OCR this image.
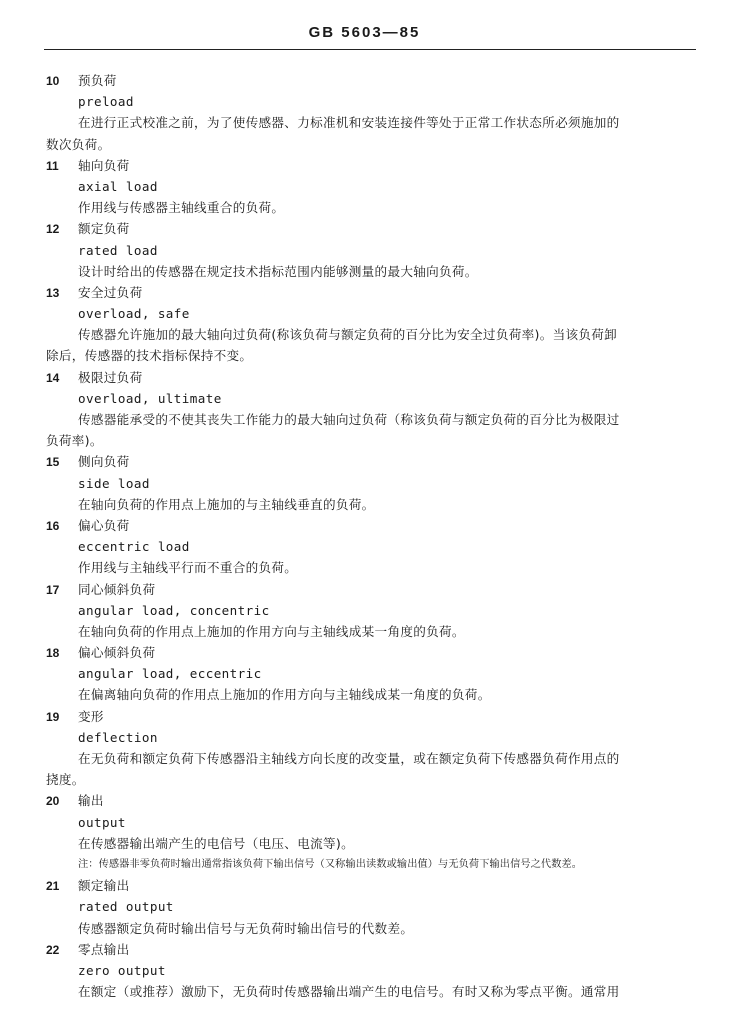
GB 5603—85
10 预负荷
preload
在进行正式校准之前，为了使传感器、力标准机和安装连接件等处于正常工作状态所必须施加的
数次负荷。
11 轴向负荷
axial load
作用线与传感器主轴线重合的负荷。
12 额定负荷
rated load
设计时给出的传感器在规定技术指标范围内能够测量的最大轴向负荷。
13 安全过负荷
overload, safe
传感器允许施加的最大轴向过负荷(称该负荷与额定负荷的百分比为安全过负荷率)。当该负荷卸
除后，传感器的技术指标保持不变。
14 极限过负荷
overload, ultimate
传感器能承受的不使其丧失工作能力的最大轴向过负荷（称该负荷与额定负荷的百分比为极限过
负荷率)。
15 侧向负荷
side load
在轴向负荷的作用点上施加的与主轴线垂直的负荷。
16 偏心负荷
eccentric load
作用线与主轴线平行而不重合的负荷。
17 同心倾斜负荷
angular load, concentric
在轴向负荷的作用点上施加的作用方向与主轴线成某一角度的负荷。
18 偏心倾斜负荷
angular load, eccentric
在偏离轴向负荷的作用点上施加的作用方向与主轴线成某一角度的负荷。
19 变形
deflection
在无负荷和额定负荷下传感器沿主轴线方向长度的改变量，或在额定负荷下传感器负荷作用点的
挠度。
20 输出
output
在传感器输出端产生的电信号（电压、电流等)。
注：传感器非零负荷时输出通常指该负荷下输出信号（又称输出读数或输出值）与无负荷下输出信号之代数差。
21 额定输出
rated output
传感器额定负荷时输出信号与无负荷时输出信号的代数差。
22 零点输出
zero output
在额定（或推荐）激励下，无负荷时传感器输出端产生的电信号。有时又称为零点平衡。通常用
